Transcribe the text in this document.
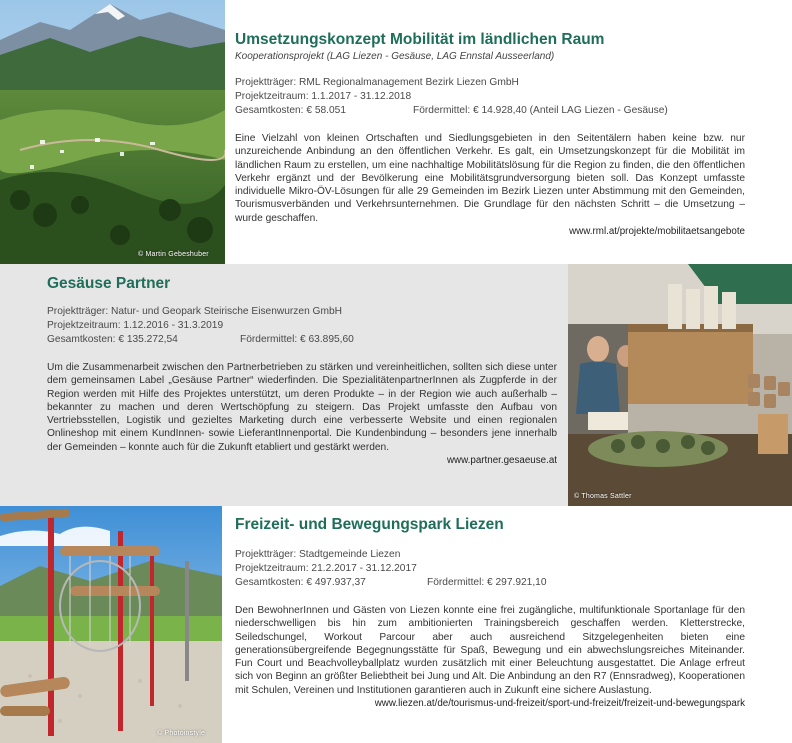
© Martin Gebeshuber
Umsetzungskonzept Mobilität im ländlichen Raum
Kooperationsprojekt (LAG Liezen - Gesäuse, LAG Ennstal Ausseerland)
Projektträger: RML Regionalmanagement Bezirk Liezen GmbH
Projektzeitraum: 1.1.2017 - 31.12.2018
Gesamtkosten: € 58.051	Fördermittel: € 14.928,40 (Anteil LAG Liezen - Gesäuse)
Eine Vielzahl von kleinen Ortschaften und Siedlungsgebieten in den Seitentälern haben keine bzw. nur unzureichende Anbindung an den öffentlichen Verkehr. Es galt, ein Umsetzungskonzept für die Mobilität im ländlichen Raum zu erstellen, um eine nachhaltige Mobilitätslösung für die Region zu finden, die den öffentlichen Verkehr ergänzt und der Bevölkerung eine Mobilitätsgrundversorgung bieten soll. Das Konzept umfasste individuelle Mikro-ÖV-Lösungen für alle 29 Gemeinden im Bezirk Liezen unter Abstimmung mit den Gemeinden, Tourismusverbänden und Verkehrsunternehmen. Die Grundlage für den nächsten Schritt – die Umsetzung – wurde geschaffen.
www.rml.at/projekte/mobilitaetsangebote
Gesäuse Partner
Projektträger: Natur- und Geopark Steirische Eisenwurzen GmbH
Projektzeitraum: 1.12.2016 - 31.3.2019
Gesamtkosten: € 135.272,54	Fördermittel: € 63.895,60
Um die Zusammenarbeit zwischen den Partnerbetrieben zu stärken und vereinheitlichen, sollten sich diese unter dem gemeinsamen Label „Gesäuse Partner“ wiederfinden. Die SpezialitätenpartnerInnen als Zugpferde in der Region werden mit Hilfe des Projektes unterstützt, um deren Produkte – in der Region wie auch außerhalb – bekannter zu machen und deren Wertschöpfung zu steigern. Das Projekt umfasste den Aufbau von Vertriebsstellen, Logistik und gezieltes Marketing durch eine verbesserte Website und einen regionalen Onlineshop mit einem KundInnen- sowie LieferantInnenportal. Die Kundenbindung – besonders jene innerhalb der Gemeinden – konnte auch für die Zukunft etabliert und gestärkt werden.
www.partner.gesaeuse.at
© Thomas Sattler
© Photoinstyle
Freizeit- und Bewegungspark Liezen
Projektträger: Stadtgemeinde Liezen
Projektzeitraum: 21.2.2017 - 31.12.2017
Gesamtkosten: € 497.937,37	Fördermittel: € 297.921,10
Den BewohnerInnen und Gästen von Liezen konnte eine frei zugängliche, multifunktionale Sportanlage für den niederschwelligen bis hin zum ambitionierten Trainingsbereich geschaffen werden. Kletterstrecke, Seiledschungel, Workout Parcour aber auch ausreichend Sitzgelegenheiten bieten eine generationsübergreifende Begegnungsstätte für Spaß, Bewegung und ein abwechslungsreiches Miteinander. Fun Court und Beachvolleyballplatz wurden zusätzlich mit einer Beleuchtung ausgestattet. Die Anlage erfreut sich von Beginn an größter Beliebtheit bei Jung und Alt. Die Anbindung an den R7 (Ennsradweg), Kooperationen mit Schulen, Vereinen und Institutionen garantieren auch in Zukunft eine sichere Auslastung.
www.liezen.at/de/tourismus-und-freizeit/sport-und-freizeit/freizeit-und-bewegungspark
